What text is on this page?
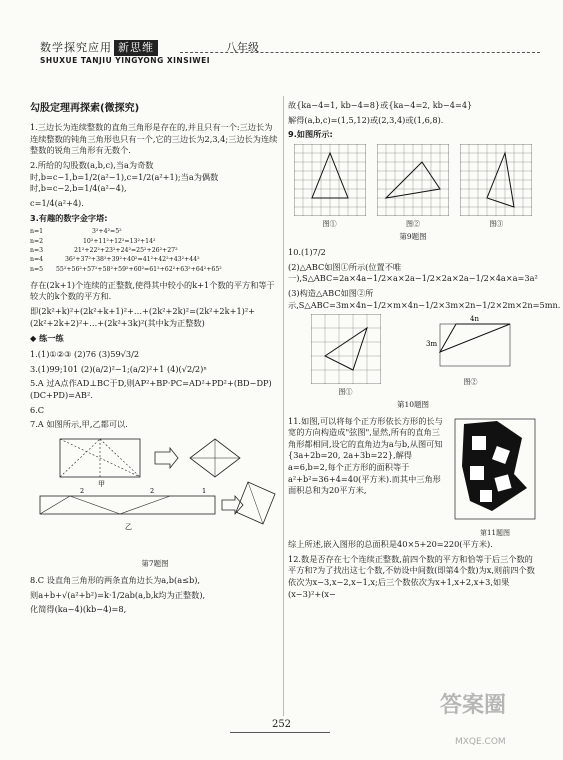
数学探究应用 新思维	八年级
SHUXUE TANJIU YINGYONG XINSIWEI
勾股定理再探索(微探究)
1.三边长为连续整数的直角三角形是存在的,并且只有一个:三边长为连续整数的钝角三角形也只有一个,它的三边长为2,3,4;三边长为连续整数的锐角三角形有无数个.
2.所给的勾股数(a,b,c),当a为奇数时,b=c−1,b=1/2(a²−1),c=1/2(a²+1);当a为偶数时,b=c−2,b=1/4(a²−4),
c=1/4(a²+4).
3.有趣的数字金字塔:
n=1	3²+4²=5²
n=2	10²+11²+12²=13²+14²
n=3	21²+22²+23²+24²=25²+26²+27²
n=4	36²+37²+38²+39²+40²=41²+42²+43²+44²
n=5	55²+56²+57²+58²+59²+60²=61²+62²+63²+64²+65²
存在(2k+1)个连续的正整数,使得其中较小的k+1个数的平方和等于较大的k个数的平方和.
即(2k²+k)²+(2k²+k+1)²+…+(2k²+2k)²=(2k²+2k+1)²+(2k²+2k+2)²+…+(2k²+3k)²(其中k为正整数)
◆ 练一练
1.(1)①②③ (2)76 (3)59√3/2
3.(1)99;101 (2)(a/2)²−1;(a/2)²+1 (4)(√2/2)ⁿ
5.A 过A点作AD⊥BC于D,则AP²+BP·PC=AD²+PD²+(BD−DP)(DC+PD)=AB².
6.C
7.A 如图所示,甲,乙都可以.
甲
2	2	1
乙
第7题图
8.C 设直角三角形的两条直角边长为a,b(a≤b),
则a+b+√(a²+b²)=k·1/2ab(a,b,k均为正整数),
化简得(ka−4)(kb−4)=8,
故{ka−4=1, kb−4=8}或{ka−4=2, kb−4=4}
解得(a,b,c)=(1,5,12)或(2,3,4)或(1,6,8).
9.如图所示:
图①	图②	图③
第9题图
10.(1)7/2
(2)△ABC如图①所示(位置不唯一),S△ABC=2a×4a−1/2×a×2a−1/2×2a×2a−1/2×4a×a=3a²
(3)构造△ABC如图②所示,S△ABC=3m×4n−1/2×m×4n−1/2×3m×2n−1/2×2m×2n=5mn.
图①
4n
3m
图②
第10题图
11.如图,可以将每个正方形依长方形的长与宽的方向构造成"弦图",显然,所有的直角三角形都相同,设它的直角边为a与b,从图可知{3a+2b=20, 2a+3b=22},解得a=6,b=2,每个正方形的面积等于a²+b²=36+4=40(平方米).而其中三角形面积总和为20平方米,
第11题图
综上所述,嵌入图形的总面积是40×5+20=220(平方米).
12.数是否存在七个连续正整数,前四个数的平方和恰等于后三个数的平方和?为了找出这七个数,不妨设中间数(即第4个数)为x,则前四个数依次为x−3,x−2,x−1,x;后三个数依次为x+1,x+2,x+3,如果(x−3)²+(x−
252
答案圈
MXQE.COM
